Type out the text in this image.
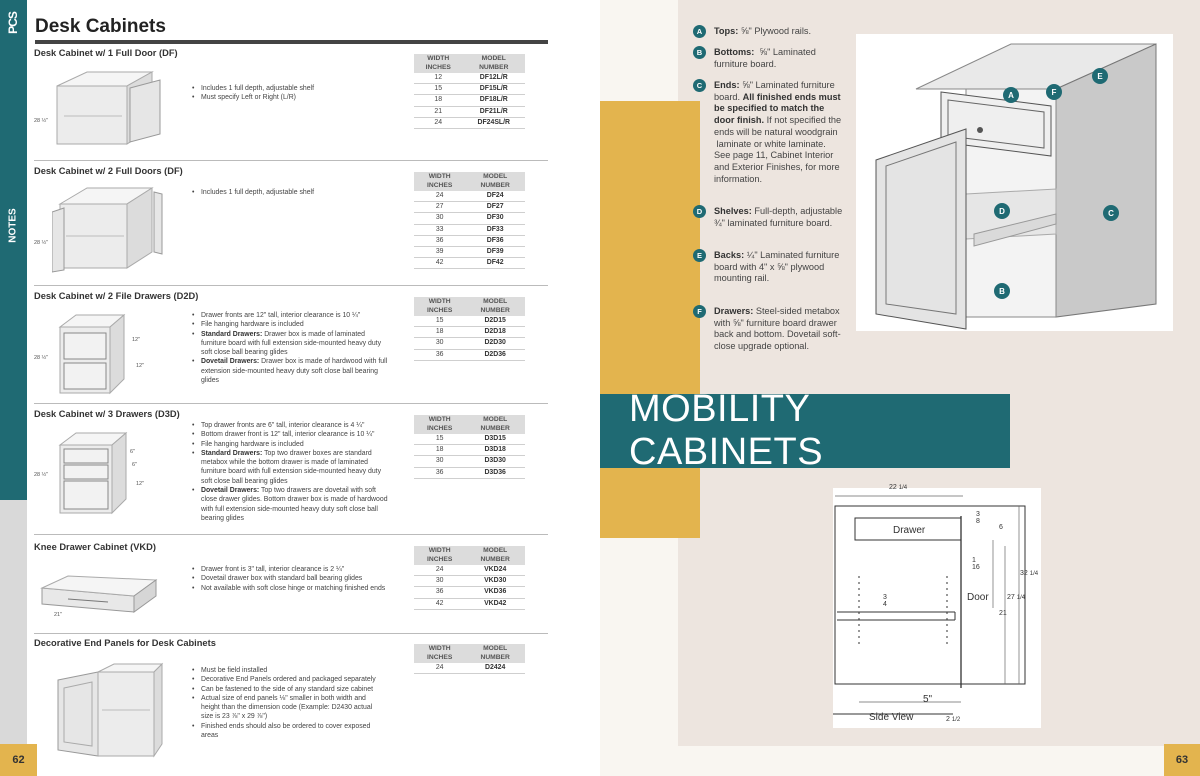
PCS
NOTES
62
Desk Cabinets
Desk Cabinet w/ 1 Full Door (DF)
28 ½"
• Includes 1 full depth, adjustable shelf
• Must specify Left or Right (L/R)
WIDTH
INCHES	MODEL
NUMBER

12	DF12L/R
15	DF15L/R
18	DF18L/R
21	DF21L/R
24	DF24SL/R
Desk Cabinet w/ 2 Full Doors (DF)
28 ½"
• Includes 1 full depth, adjustable shelf
WIDTH
INCHES	MODEL
NUMBER

24	DF24
27	DF27
30	DF30
33	DF33
36	DF36
39	DF39
42	DF42
Desk Cabinet w/ 2 File Drawers (D2D)
28 ½"
12"
12"
• Drawer fronts are 12" tall, interior clearance is 10 ¼"
• File hanging hardware is included
• Standard Drawers: Drawer box is made of laminated furniture board with full extension side-mounted heavy duty soft close ball bearing glides
• Dovetail Drawers: Drawer box is made of hardwood with full extension side-mounted heavy duty soft close ball bearing glides
WIDTH
INCHES	MODEL
NUMBER

15	D2D15
18	D2D18
30	D2D30
36	D2D36
Desk Cabinet w/ 3 Drawers (D3D)
28 ½"
6"
6"
12"
• Top drawer fronts are 6" tall, interior clearance is 4 ¼"
• Bottom drawer front is 12" tall, interior clearance is 10 ¼"
• File hanging hardware is included
• Standard Drawers: Top two drawer boxes are standard metabox while the bottom drawer is made of laminated furniture board with full extension side-mounted heavy duty soft close ball bearing glides
• Dovetail Drawers: Top two drawers are dovetail with soft close drawer glides. Bottom drawer box is made of hardwood with full extension side-mounted heavy duty soft close ball bearing glides
WIDTH
INCHES	MODEL
NUMBER

15	D3D15
18	D3D18
30	D3D30
36	D3D36
Knee Drawer Cabinet (VKD)
21"
• Drawer front is 3" tall, interior clearance is 2 ¼"
• Dovetail drawer box with standard ball bearing glides
• Not available with soft close hinge or matching finished ends
WIDTH
INCHES	MODEL
NUMBER

24	VKD24
30	VKD30
36	VKD36
42	VKD42
Decorative End Panels for Desk Cabinets
• Must be field installed
• Decorative End Panels ordered and packaged separately
• Can be fastened to the side of any standard size cabinet
• Actual size of end panels ⅛" smaller in both width and height than the dimension code (Example: D2430 actual size is 23 ⅞" x 29 ⅞")
• Finished ends should also be ordered to cover exposed areas
WIDTH
INCHES	MODEL
NUMBER

24	D2424
MOBILITY CABINETS
63
A	Tops: ⅝" Plywood rails.
B	Bottoms:  ⅝" Laminated furniture board.
C	Ends: ⅝" Laminated furniture board. All finished ends must be specified to match the door finish. If not specified the ends will be natural woodgrain  laminate or white laminate. See page 11, Cabinet Interior and Exterior Finishes, for more information.
D	Shelves: Full-depth, adjustable ¾" laminated furniture board.
E	Backs: ¼" Laminated furniture board with 4" x ⅝" plywood mounting rail.
F	Drawers: Steel-sided metabox with ⅝" furniture board drawer back and bottom. Dovetail soft-close upgrade optional.
A
B
C
D
E
F
22 1/4
Drawer
Door
3
8
6
1
16
3
4
21
27 1/4
32 1/4
5"
Side View	2 1/2
